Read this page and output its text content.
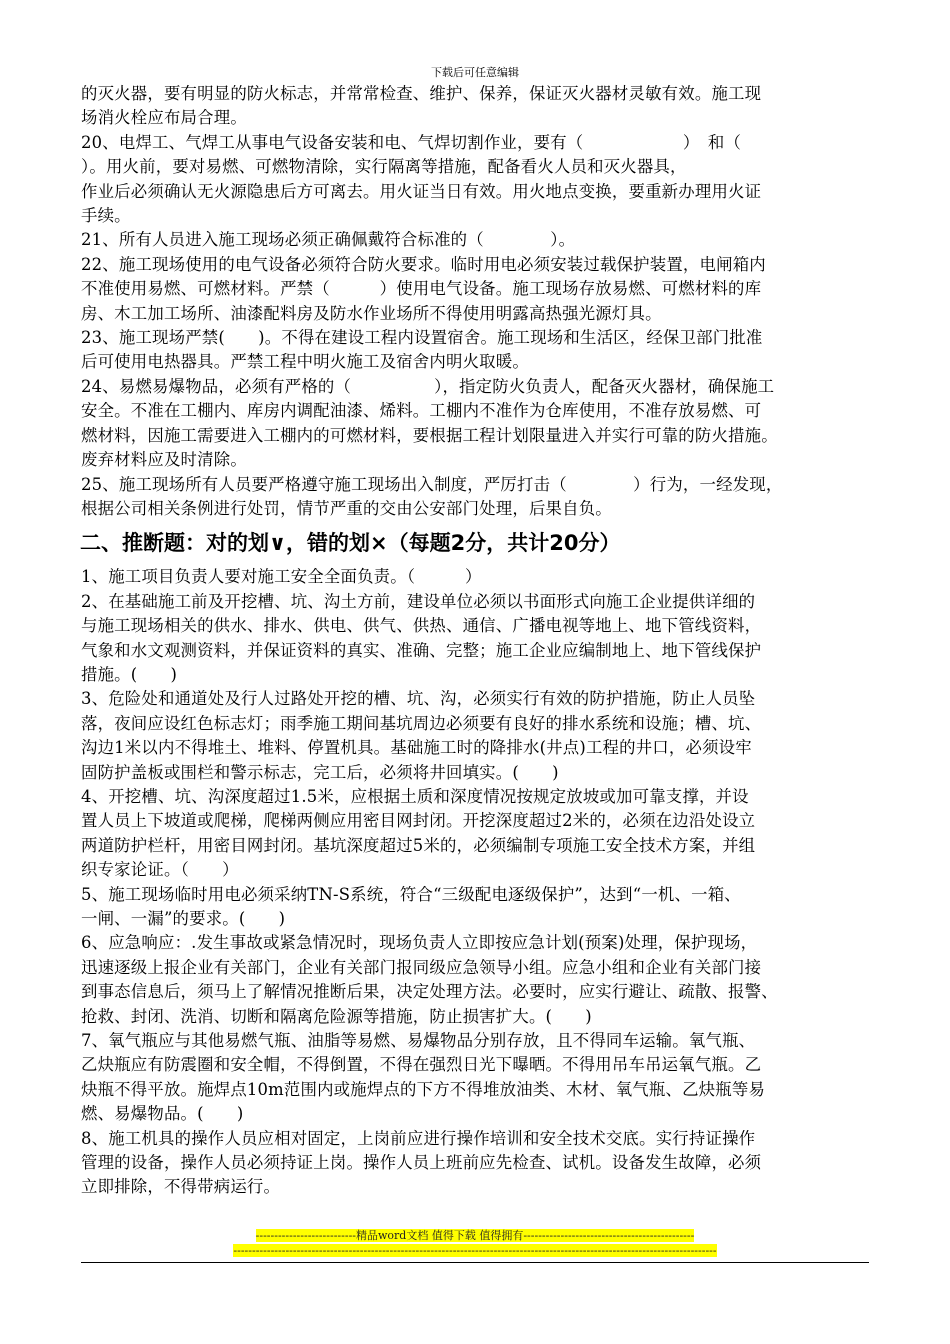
下载后可任意编辑
的灭火器，要有明显的防火标志，并常常检查、维护、保养，保证灭火器材灵敏有效。施工现
场消火栓应布局合理。
20、电焊工、气焊工从事电气设备安装和电、气焊切割作业，要有（　　　　　　）　和（
）。用火前，要对易燃、可燃物清除，实行隔离等措施，配备看火人员和灭火器具，
作业后必须确认无火源隐患后方可离去。用火证当日有效。用火地点变换，要重新办理用火证
手续。
21、所有人员进入施工现场必须正确佩戴符合标准的（　　　　）。
22、施工现场使用的电气设备必须符合防火要求。临时用电必须安装过载保护装置，电闸箱内
不准使用易燃、可燃材料。严禁（　　　）使用电气设备。施工现场存放易燃、可燃材料的库
房、木工加工场所、油漆配料房及防水作业场所不得使用明露高热强光源灯具。
23、施工现场严禁(　　)。不得在建设工程内设置宿舍。施工现场和生活区，经保卫部门批准
后可使用电热器具。严禁工程中明火施工及宿舍内明火取暖。
24、易燃易爆物品，必须有严格的（　　　　　），指定防火负责人，配备灭火器材，确保施工
安全。不准在工棚内、库房内调配油漆、烯料。工棚内不准作为仓库使用，不准存放易燃、可
燃材料，因施工需要进入工棚内的可燃材料，要根据工程计划限量进入并实行可靠的防火措施。
废弃材料应及时清除。
25、施工现场所有人员要严格遵守施工现场出入制度，严厉打击（　　　　）行为，一经发现，
根据公司相关条例进行处罚，情节严重的交由公安部门处理，后果自负。
二、推断题：对的划∨，错的划×（每题2分，共计20分）
1、施工项目负责人要对施工安全全面负责。（　　　）
2、在基础施工前及开挖槽、坑、沟土方前，建设单位必须以书面形式向施工企业提供详细的
与施工现场相关的供水、排水、供电、供气、供热、通信、广播电视等地上、地下管线资料，
气象和水文观测资料，并保证资料的真实、准确、完整；施工企业应编制地上、地下管线保护
措施。(　　)
3、危险处和通道处及行人过路处开挖的槽、坑、沟，必须实行有效的防护措施，防止人员坠
落，夜间应设红色标志灯；雨季施工期间基坑周边必须要有良好的排水系统和设施；槽、坑、
沟边1米以内不得堆土、堆料、停置机具。基础施工时的降排水(井点)工程的井口，必须设牢
固防护盖板或围栏和警示标志，完工后，必须将井回填实。(　　)
4、开挖槽、坑、沟深度超过1.5米，应根据土质和深度情况按规定放坡或加可靠支撑，并设
置人员上下坡道或爬梯，爬梯两侧应用密目网封闭。开挖深度超过2米的，必须在边沿处设立
两道防护栏杆，用密目网封闭。基坑深度超过5米的，必须编制专项施工安全技术方案，并组
织专家论证。（　　）
5、施工现场临时用电必须采纳TN-S系统，符合“三级配电逐级保护”，达到“一机、一箱、
一闸、一漏”的要求。(　　)
6、应急响应：.发生事故或紧急情况时，现场负责人立即按应急计划(预案)处理，保护现场，
迅速逐级上报企业有关部门，企业有关部门报同级应急领导小组。应急小组和企业有关部门接
到事态信息后，须马上了解情况推断后果，决定处理方法。必要时，应实行避让、疏散、报警、
抢救、封闭、洗消、切断和隔离危险源等措施，防止损害扩大。(　　)
7、氧气瓶应与其他易燃气瓶、油脂等易燃、易爆物品分别存放，且不得同车运输。氧气瓶、
乙炔瓶应有防震圈和安全帽，不得倒置，不得在强烈日光下曝晒。不得用吊车吊运氧气瓶。乙
炔瓶不得平放。施焊点10m范围内或施焊点的下方不得堆放油类、木材、氧气瓶、乙炔瓶等易
燃、易爆物品。(　　)
8、施工机具的操作人员应相对固定，上岗前应进行操作培训和安全技术交底。实行持证操作
管理的设备，操作人员必须持证上岗。操作人员上班前应先检查、试机。设备发生故障，必须
立即排除，不得带病运行。
---------------------------精品word文档 值得下载 值得拥有----------------------------------------------
----------------------------------------------------------------------------------------------------------------------------------
